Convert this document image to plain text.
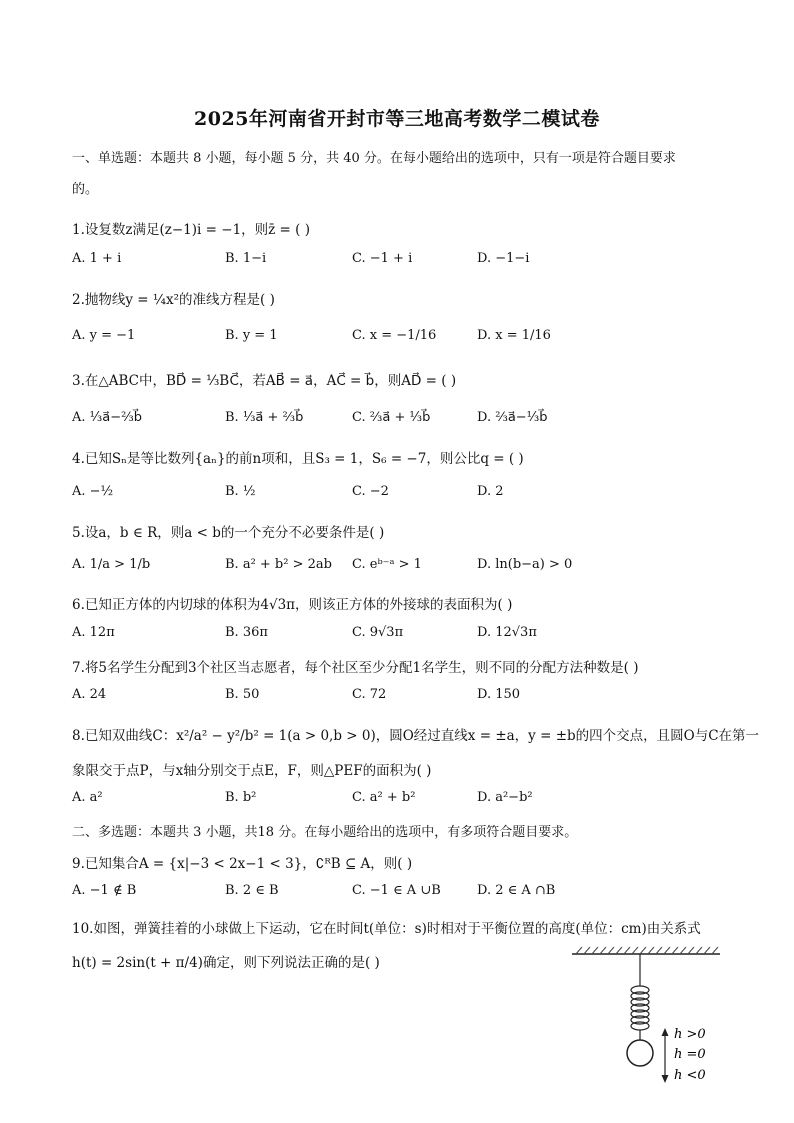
2025年河南省开封市等三地高考数学二模试卷
一、单选题：本题共 8 小题，每小题 5 分，共 40 分。在每小题给出的选项中，只有一项是符合题目要求
的。
1.设复数z满足(z−1)i = −1，则z̄ = ( )
A. 1 + i	B. 1−i	C. −1 + i	D. −1−i
2.抛物线y = ¼x²的准线方程是( )
A. y = −1	B. y = 1	C. x = −1/16	D. x = 1/16
3.在△ABC中，BD⃗ = ⅓BC⃗，若AB⃗ = a⃗，AC⃗ = b⃗，则AD⃗ = ( )
A. ⅓a⃗−⅔b⃗	B. ⅓a⃗ + ⅔b⃗	C. ⅔a⃗ + ⅓b⃗	D. ⅔a⃗−⅓b⃗
4.已知Sₙ是等比数列{aₙ}的前n项和，且S₃ = 1，S₆ = −7，则公比q = ( )
A. −½	B. ½	C. −2	D. 2
5.设a，b ∈ R，则a < b的一个充分不必要条件是( )
A. 1/a > 1/b	B. a² + b² > 2ab C. eᵇ⁻ᵃ > 1	D. ln(b−a) > 0
6.已知正方体的内切球的体积为4√3π，则该正方体的外接球的表面积为( )
A. 12π	B. 36π	C. 9√3π	D. 12√3π
7.将5名学生分配到3个社区当志愿者，每个社区至少分配1名学生，则不同的分配方法种数是( )
A. 24	B. 50	C. 72	D. 150
8.已知双曲线C：x²/a² − y²/b² = 1(a > 0,b > 0)，圆O经过直线x = ±a，y = ±b的四个交点，且圆O与C在第一
象限交于点P，与x轴分别交于点E，F，则△PEF的面积为( )
A. a²	B. b²	C. a² + b²	D. a²−b²
二、多选题：本题共 3 小题，共18 分。在每小题给出的选项中，有多项符合题目要求。
9.已知集合A = {x|−3 < 2x−1 < 3}，∁ᴿB ⊆ A，则( )
A. −1 ∉ B	B. 2 ∈ B	C. −1 ∈ A ∪B	D. 2 ∈ A ∩B
10.如图，弹簧挂着的小球做上下运动，它在时间t(单位：s)时相对于平衡位置的高度(单位：cm)由关系式
h(t) = 2sin(t + π/4)确定，则下列说法正确的是( )
h >0
h =0
h <0
